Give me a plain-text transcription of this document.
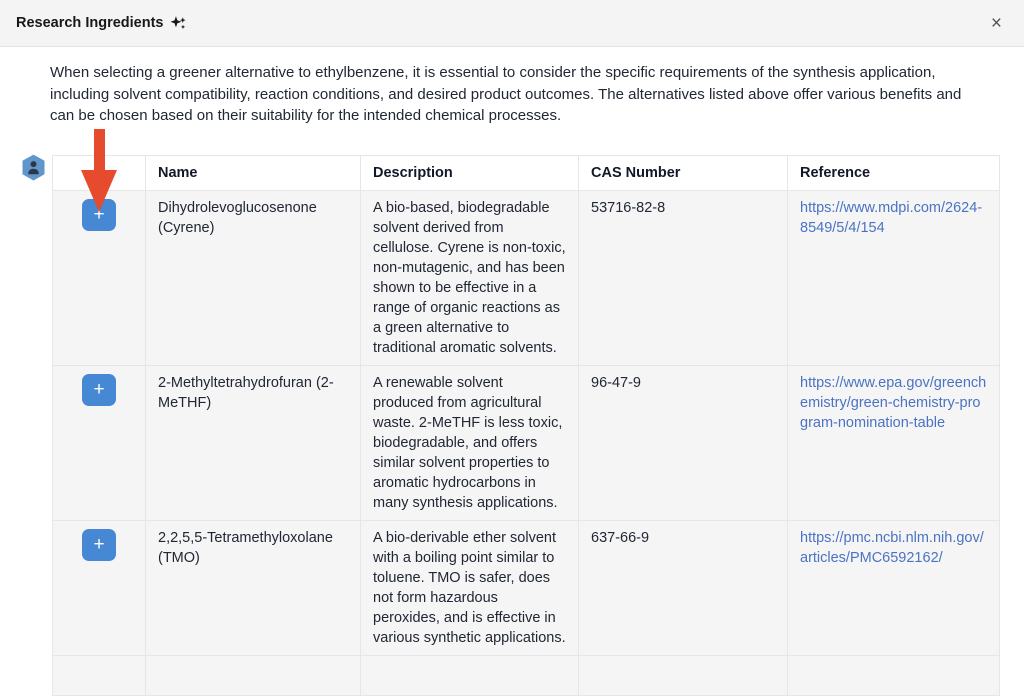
Research Ingredients	×

When selecting a greener alternative to ethylbenzene, it is essential to consider the specific requirements of the synthesis application, including solvent compatibility, reaction conditions, and desired product outcomes. The alternatives listed above offer various benefits and can be chosen based on their suitability for the intended chemical processes.

	Name	Description	CAS Number	Reference

+	Dihydrolevoglucosenone (Cyrene)	A bio-based, biodegradable solvent derived from cellulose. Cyrene is non-toxic, non-mutagenic, and has been shown to be effective in a range of organic reactions as a green alternative to traditional aromatic solvents.	53716-82-8	https://www.mdpi.com/2624-8549/5/4/154

+	2-Methyltetrahydrofuran (2-MeTHF)	A renewable solvent produced from agricultural waste. 2-MeTHF is less toxic, biodegradable, and offers similar solvent properties to aromatic hydrocarbons in many synthesis applications.	96-47-9	https://www.epa.gov/greenchemistry/green-chemistry-program-nomination-table

+	2,2,5,5-Tetramethyloxolane (TMO)	A bio-derivable ether solvent with a boiling point similar to toluene. TMO is safer, does not form hazardous peroxides, and is effective in various synthetic applications.	637-66-9	https://pmc.ncbi.nlm.nih.gov/articles/PMC6592162/
